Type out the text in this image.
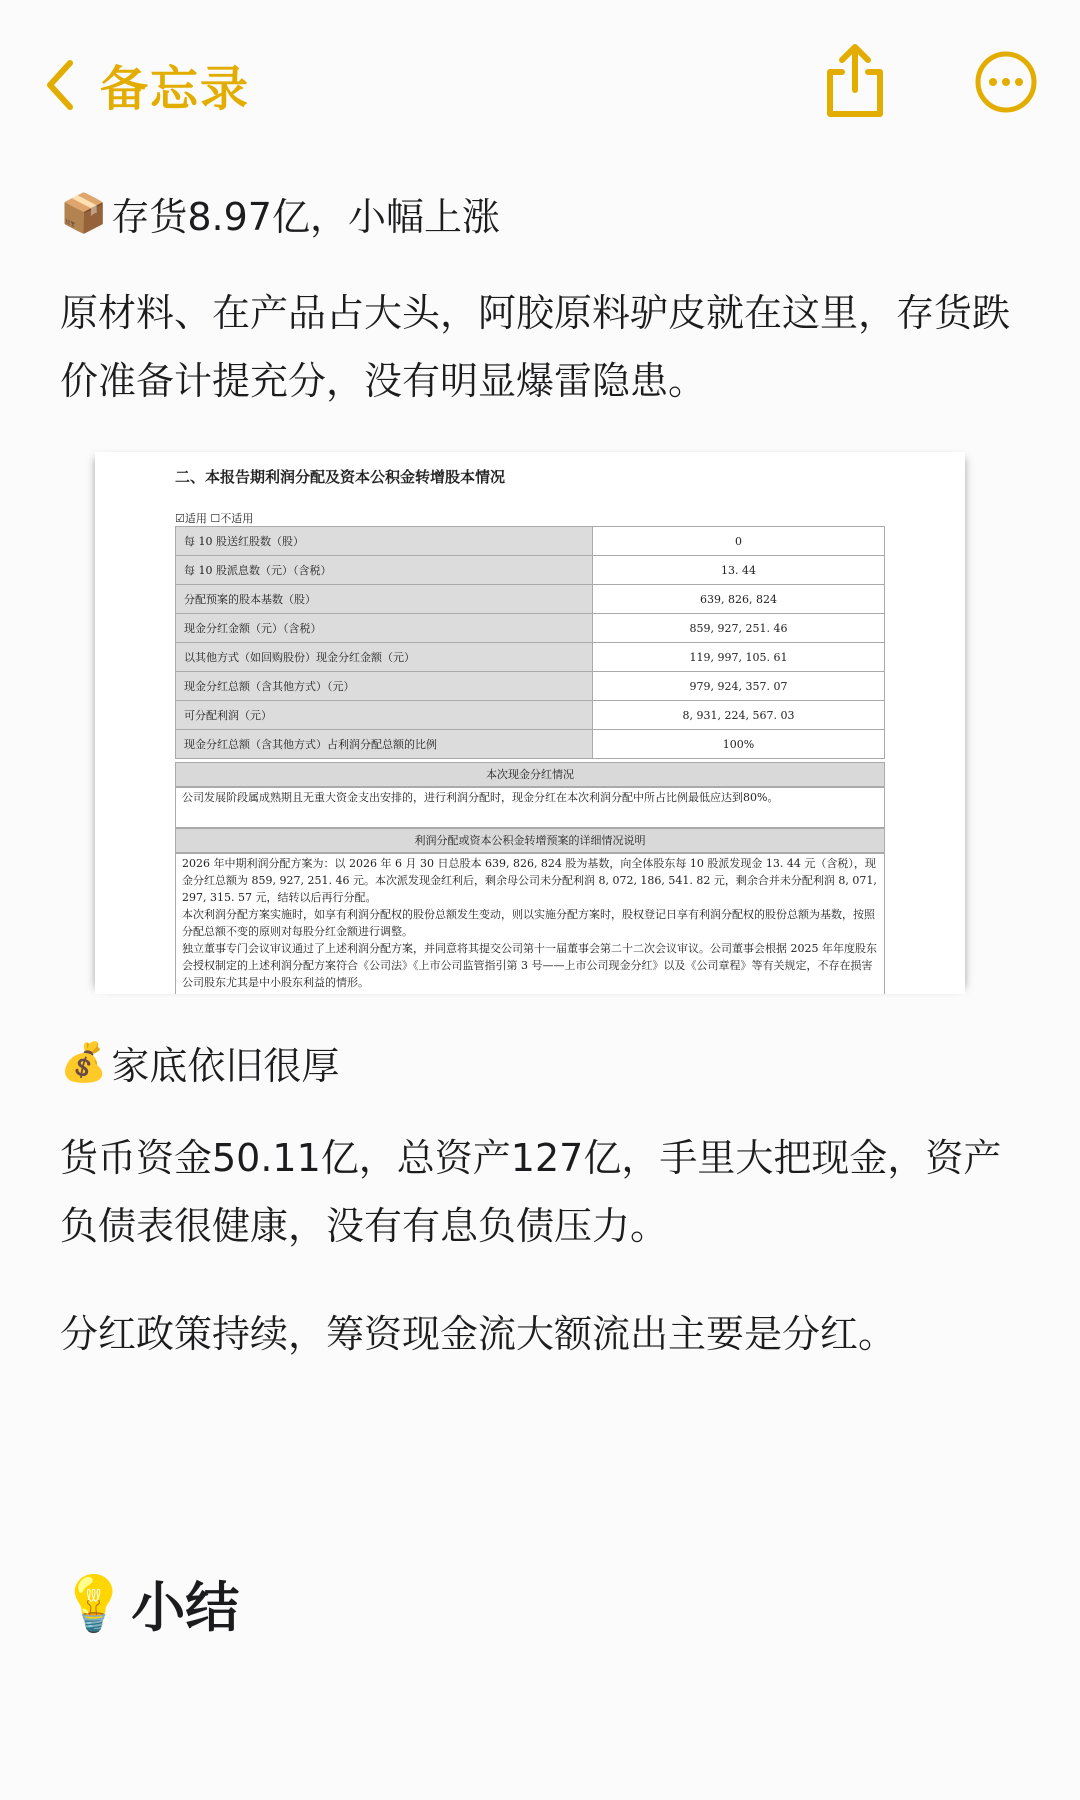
备忘录
📦 存货8.97亿，小幅上涨
原材料、在产品占大头，阿胶原料驴皮就在这里，存货跌价准备计提充分，没有明显爆雷隐患。
二、本报告期利润分配及资本公积金转增股本情况
☑适用 ☐不适用
每 10 股送红股数（股）	0
每 10 股派息数（元）（含税）	13. 44
分配预案的股本基数（股）	639, 826, 824
现金分红金额（元）（含税）	859, 927, 251. 46
以其他方式（如回购股份）现金分红金额（元）	119, 997, 105. 61
现金分红总额（含其他方式）（元）	979, 924, 357. 07
可分配利润（元）	8, 931, 224, 567. 03
现金分红总额（含其他方式）占利润分配总额的比例	100%
本次现金分红情况
公司发展阶段属成熟期且无重大资金支出安排的，进行利润分配时，现金分红在本次利润分配中所占比例最低应达到80%。
利润分配或资本公积金转增预案的详细情况说明

2026 年中期利润分配方案为：以 2026 年 6 月 30 日总股本 639, 826, 824 股为基数，向全体股东每 10 股派发现金 13. 44 元（含税），现金分红总额为 859, 927, 251. 46 元。本次派发现金红利后，剩余母公司未分配利润 8, 072, 186, 541. 82 元，剩余合并未分配利润 8, 071, 297, 315. 57 元，结转以后再行分配。

本次利润分配方案实施时，如享有利润分配权的股份总额发生变动，则以实施分配方案时，股权登记日享有利润分配权的股份总额为基数，按照分配总额不变的原则对每股分红金额进行调整。

独立董事专门会议审议通过了上述利润分配方案，并同意将其提交公司第十一届董事会第二十二次会议审议。公司董事会根据 2025 年年度股东会授权制定的上述利润分配方案符合《公司法》《上市公司监管指引第 3 号——上市公司现金分红》以及《公司章程》等有关规定，不存在损害公司股东尤其是中小股东利益的情形。

💰 家底依旧很厚
货币资金50.11亿，总资产127亿，手里大把现金，资产负债表很健康，没有有息负债压力。
分红政策持续，筹资现金流大额流出主要是分红。
💡 小结
